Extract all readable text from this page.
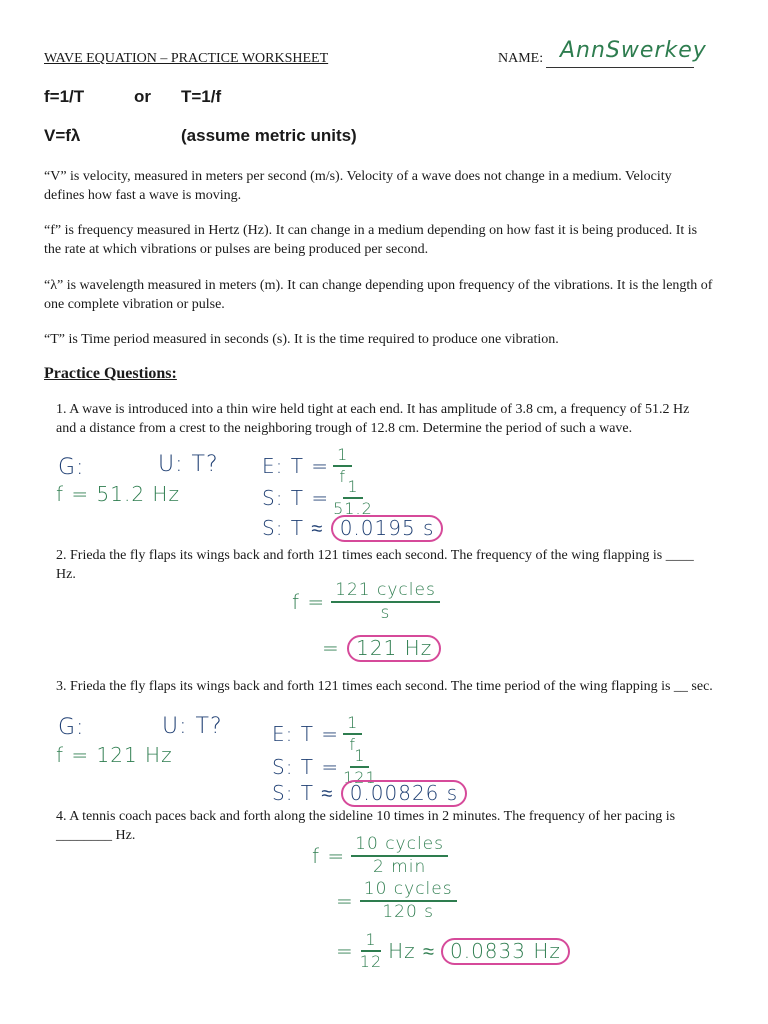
WAVE EQUATION – PRACTICE WORKSHEET	NAME: AnnSwerkey
f=1/T	or T=1/f
V=fλ	(assume metric units)
“V” is velocity, measured in meters per second (m/s). Velocity of a wave does not change in a medium. Velocity defines how fast a wave is moving.
“f” is frequency measured in Hertz (Hz). It can change in a medium depending on how fast it is being produced. It is the rate at which vibrations or pulses are being produced per second.
“λ” is wavelength measured in meters (m). It can change depending upon frequency of the vibrations. It is the length of one complete vibration or pulse.
“T” is Time period measured in seconds (s). It is the time required to produce one vibration.
Practice Questions:
1. A wave is introduced into a thin wire held tight at each end. It has amplitude of 3.8 cm, a frequency of 51.2 Hz and a distance from a crest to the neighboring trough of 12.8 cm. Determine the period of such a wave.
G:
f = 51.2 Hz
U: T? E: $T = \frac{1}{f}$
S: $T = \frac{1}{51.2}$
S: T ≈ 0.0195 s
2. Frieda the fly flaps its wings back and forth 121 times each second. The frequency of the wing flapping is ____ Hz.
$f = \frac{\text{121 cycles}}{s}$
= 121 Hz
3. Frieda the fly flaps its wings back and forth 121 times each second. The time period of the wing flapping is __ sec.
G:
f = 121 Hz
U: T? E: $T = \frac{1}{f}$
S: $T = \frac{1}{121}$
S: T ≈ 0.00826 s
4. A tennis coach paces back and forth along the sideline 10 times in 2 minutes. The frequency of her pacing is ________ Hz.
$f = \frac{\text{10 cycles}}{2 \min}$
= $\frac{\text{10 cycles}}{120 s}$
= $\frac{1}{12}$ Hz ≈ 0.0833 Hz
